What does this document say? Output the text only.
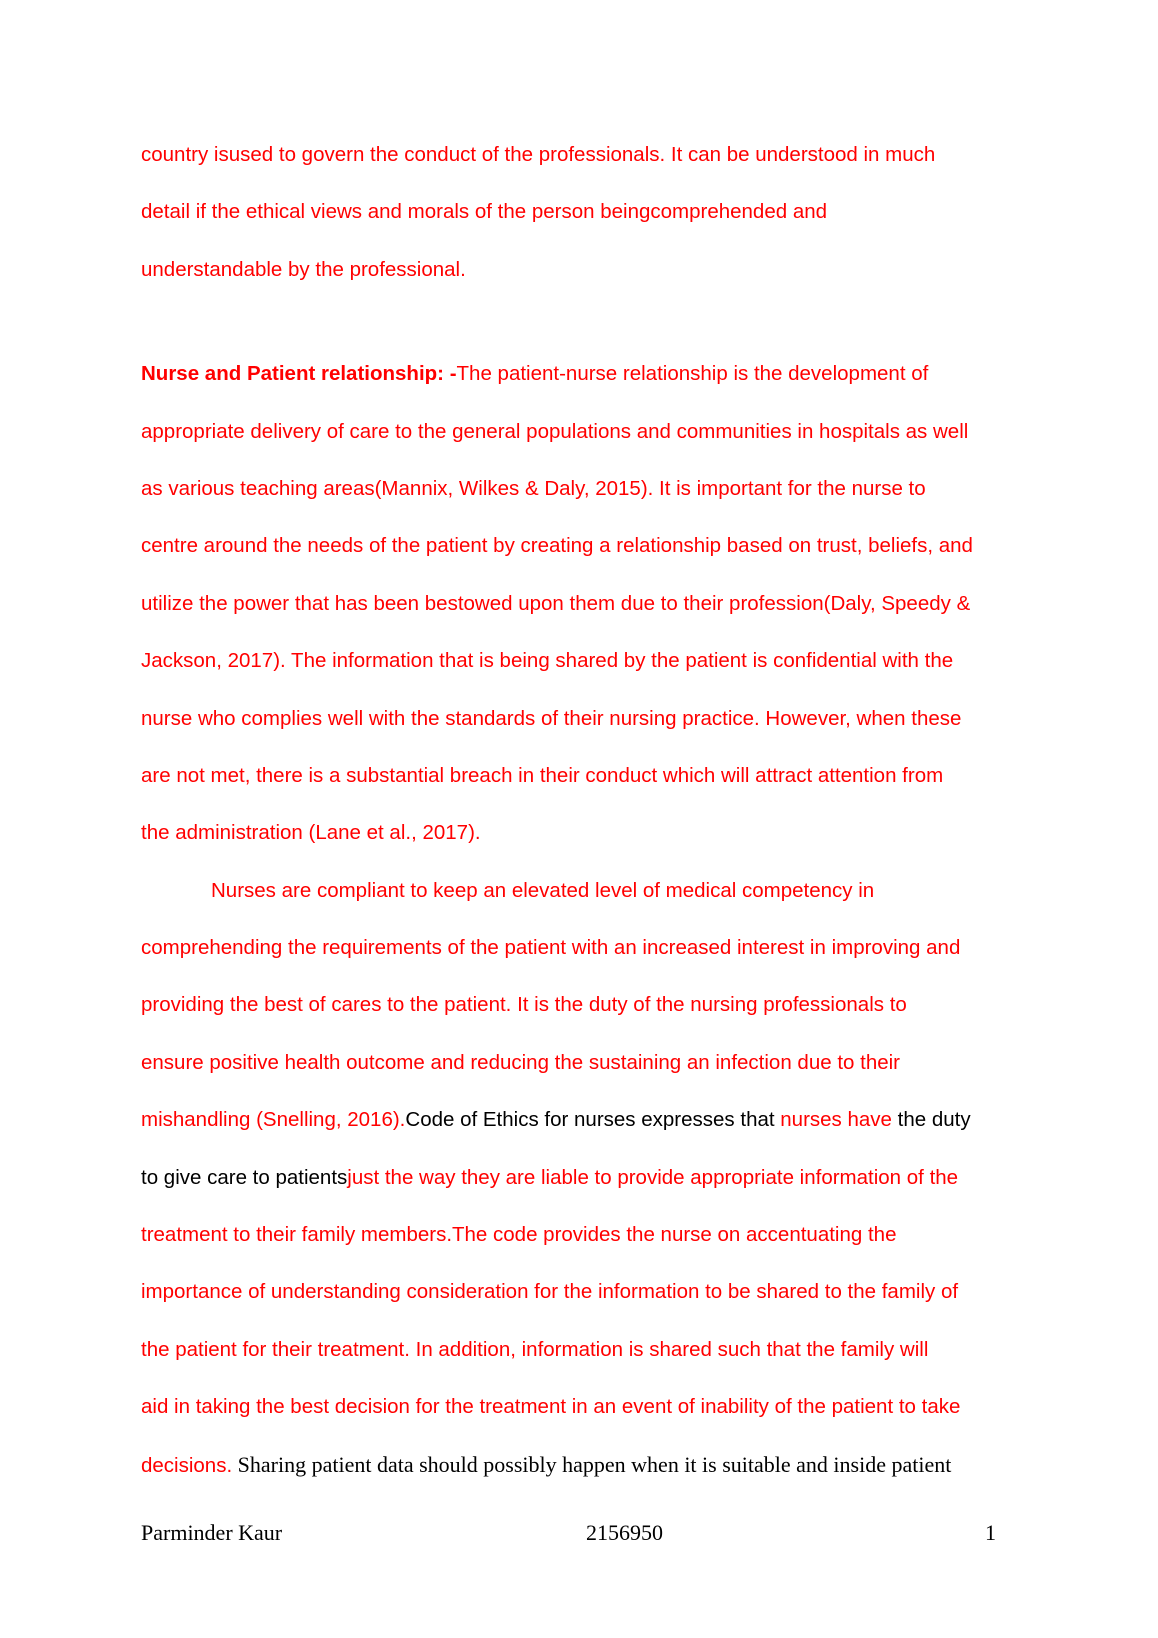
country isused to govern the conduct of the professionals. It can be understood in much
detail if the ethical views and morals of the person beingcomprehended and
understandable by the professional.
Nurse and Patient relationship: -The patient-nurse relationship is the development of
appropriate delivery of care to the general populations and communities in hospitals as well
as various teaching areas(Mannix, Wilkes & Daly, 2015). It is important for the nurse to
centre around the needs of the patient by creating a relationship based on trust, beliefs, and
utilize the power that has been bestowed upon them due to their profession(Daly, Speedy &
Jackson, 2017). The information that is being shared by the patient is confidential with the
nurse who complies well with the standards of their nursing practice. However, when these
are not met, there is a substantial breach in their conduct which will attract attention from
the administration (Lane et al., 2017).
Nurses are compliant to keep an elevated level of medical competency in
comprehending the requirements of the patient with an increased interest in improving and
providing the best of cares to the patient. It is the duty of the nursing professionals to
ensure positive health outcome and reducing the sustaining an infection due to their
mishandling (Snelling, 2016).Code of Ethics for nurses expresses that nurses have the duty
to give care to patientsjust the way they are liable to provide appropriate information of the
treatment to their family members.The code provides the nurse on accentuating the
importance of understanding consideration for the information to be shared to the family of
the patient for their treatment. In addition, information is shared such that the family will
aid in taking the best decision for the treatment in an event of inability of the patient to take
decisions. Sharing patient data should possibly happen when it is suitable and inside patient
Parminder Kaur	2156950	1
